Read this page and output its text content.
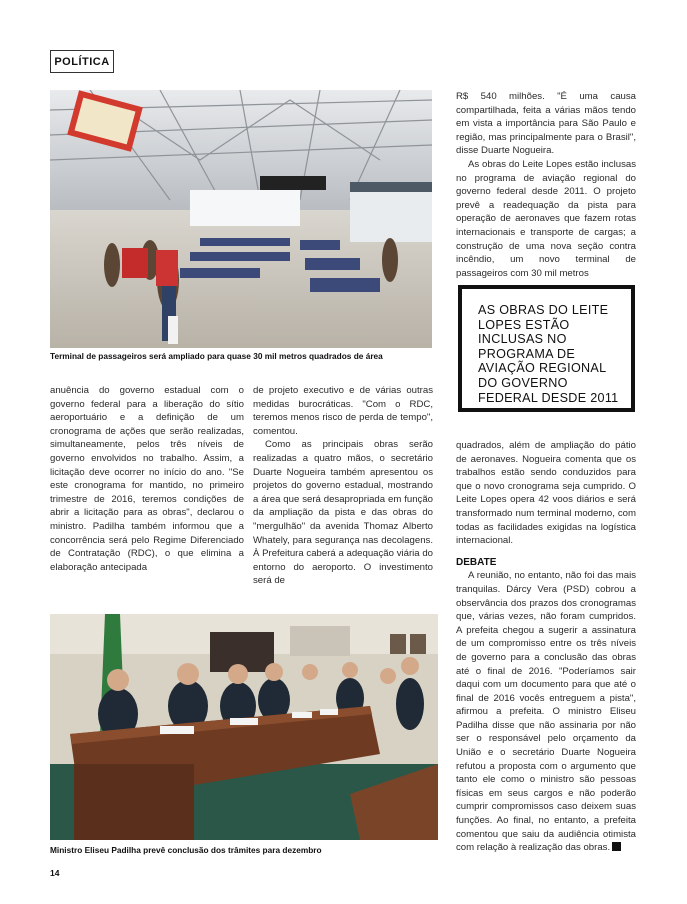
POLÍTICA
Terminal de passageiros será ampliado para quase 30 mil metros quadrados de área

anuência do governo estadual com o governo federal para a liberação do sítio aeroportuário e a definição de um cronograma de ações que serão realizadas, simultaneamente, pelos três níveis de governo envolvidos no trabalho. Assim, a licitação deve ocorrer no início do ano. "Se este cronograma for mantido, no primeiro trimestre de 2016, teremos condições de abrir a licitação para as obras", declarou o ministro. Padilha também informou que a concorrência será pelo Regime Diferenciado de Contratação (RDC), o que elimina a elaboração antecipada

de projeto executivo e de várias outras medidas burocráticas. "Com o RDC, teremos menos risco de perda de tempo", comentou.

Como as principais obras serão realizadas a quatro mãos, o secretário Duarte Nogueira também apresentou os projetos do governo estadual, mostrando a área que será desapropriada em função da ampliação da pista e das obras do "mergulhão" da avenida Thomaz Alberto Whately, para segurança nas decolagens. À Prefeitura caberá a adequação viária do entorno do aeroporto. O investimento será de

R$ 540 milhões. "É uma causa compartilhada, feita a várias mãos tendo em vista a importância para São Paulo e região, mas principalmente para o Brasil", disse Duarte Nogueira.

As obras do Leite Lopes estão inclusas no programa de aviação regional do governo federal desde 2011. O projeto prevê a readequação da pista para operação de aeronaves que fazem rotas internacionais e transporte de cargas; a construção de uma nova seção contra incêndio, um novo terminal de passageiros com 30 mil metros

AS OBRAS DO LEITE LOPES ESTÃO INCLUSAS NO PROGRAMA DE AVIAÇÃO REGIONAL DO GOVERNO FEDERAL DESDE 2011

quadrados, além de ampliação do pátio de aeronaves. Nogueira comenta que os trabalhos estão sendo conduzidos para que o novo cronograma seja cumprido. O Leite Lopes opera 42 voos diários e será transformado num terminal moderno, com todas as facilidades exigidas na logística internacional.

DEBATE

A reunião, no entanto, não foi das mais tranquilas. Dárcy Vera (PSD) cobrou a observância dos prazos dos cronogramas que, várias vezes, não foram cumpridos. A prefeita chegou a sugerir a assinatura de um compromisso entre os três níveis de governo para a conclusão das obras até o final de 2016. "Poderíamos sair daqui com um documento para que até o final de 2016 vocês entreguem a pista", afirmou a prefeita. O ministro Eliseu Padilha disse que não assinaria por não ser o responsável pelo orçamento da União e o secretário Duarte Nogueira refutou a proposta com o argumento que tanto ele como o ministro são pessoas físicas em seus cargos e não poderão cumprir compromissos caso deixem suas funções. Ao final, no entanto, a prefeita comentou que saiu da audiência otimista com relação à realização das obras.

Ministro Eliseu Padilha prevê conclusão dos trâmites para dezembro
14
